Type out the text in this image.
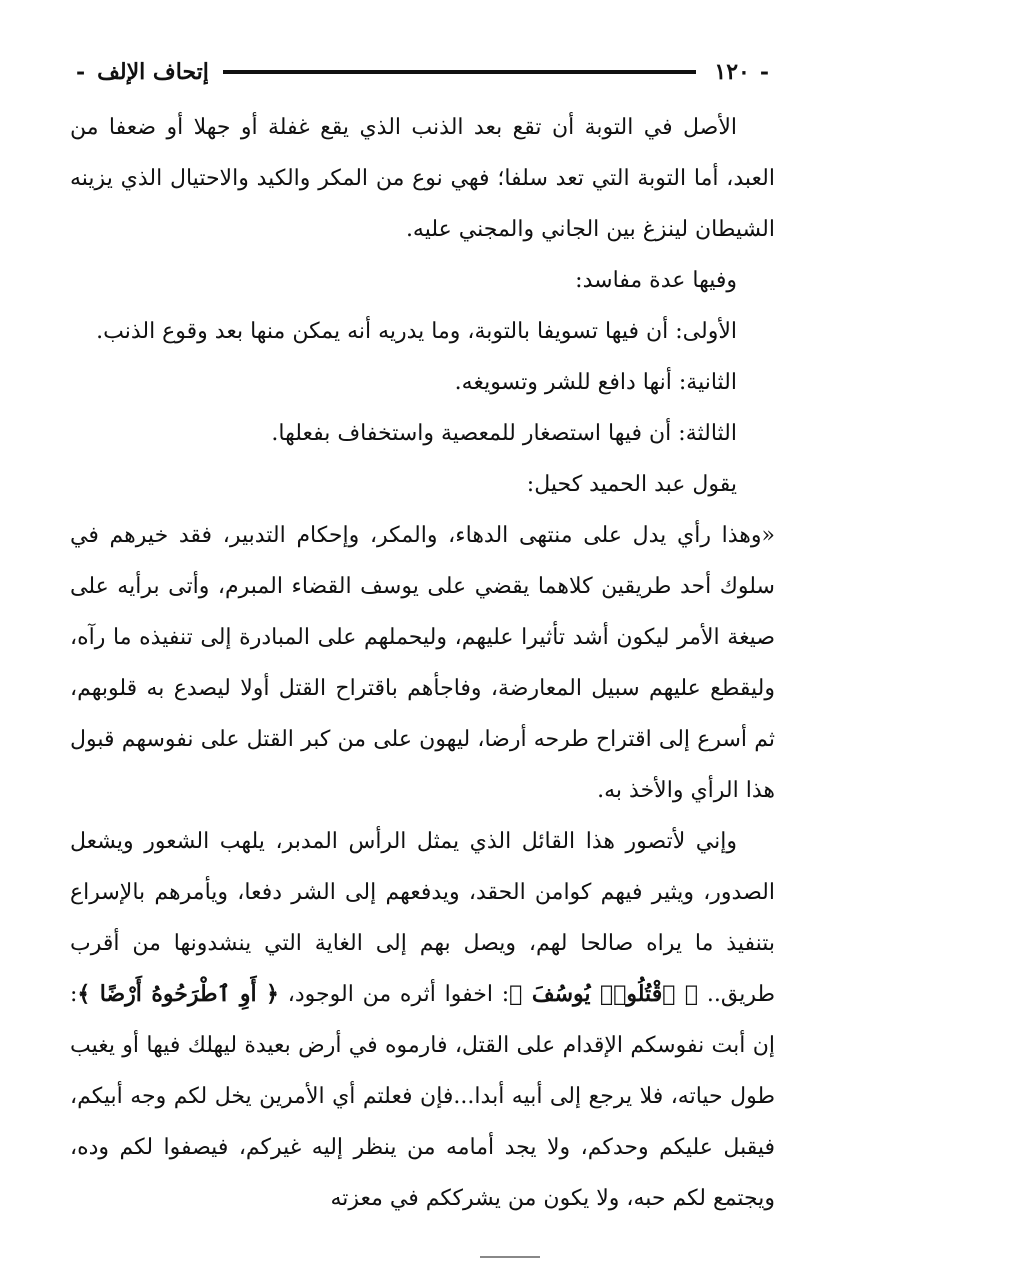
-
١٢٠
إتحاف الإلف
-

الأصل في التوبة أن تقع بعد الذنب الذي يقع غفلة أو جهلا أو ضعفا من العبد، أما التوبة التي تعد سلفا؛ فهي نوع من المكر والكيد والاحتيال الذي يزينه الشيطان لينزغ بين الجاني والمجني عليه.

وفيها عدة مفاسد:

الأولى: أن فيها تسويفا بالتوبة، وما يدريه أنه يمكن منها بعد وقوع الذنب.

الثانية: أنها دافع للشر وتسويغه.

الثالثة: أن فيها استصغار للمعصية واستخفاف بفعلها.

يقول عبد الحميد كحيل:

«وهذا رأي يدل على منتهى الدهاء، والمكر، وإحكام التدبير، فقد خيرهم في سلوك أحد طريقين كلاهما يقضي على يوسف القضاء المبرم، وأتى برأيه على صيغة الأمر ليكون أشد تأثيرا عليهم، وليحملهم على المبادرة إلى تنفيذه ما رآه، وليقطع عليهم سبيل المعارضة، وفاجأهم باقتراح القتل أولا ليصدع به قلوبهم، ثم أسرع إلى اقتراح طرحه أرضا، ليهون على من كبر القتل على نفوسهم قبول هذا الرأي والأخذ به.

وإني لأتصور هذا القائل الذي يمثل الرأس المدبر، يلهب الشعور ويشعل الصدور، ويثير فيهم كوامن الحقد، ويدفعهم إلى الشر دفعا، ويأمرهم بالإسراع بتنفيذ ما يراه صالحا لهم، ويصل بهم إلى الغاية التي ينشدونها من أقرب طريق.. ﴿ ٱقْتُلُوا۟ يُوسُفَ ﴾: اخفوا أثره من الوجود، ﴿ أَوِ ٱطْرَحُوهُ أَرْضًا ﴾: إن أبت نفوسكم الإقدام على القتل، فارموه في أرض بعيدة ليهلك فيها أو يغيب طول حياته، فلا يرجع إلى أبيه أبدا...فإن فعلتم أي الأمرين يخل لكم وجه أبيكم، فيقبل عليكم وحدكم، ولا يجد أمامه من ينظر إليه غيركم، فيصفوا لكم وده، ويجتمع لكم حبه، ولا يكون من يشرككم في معزته
